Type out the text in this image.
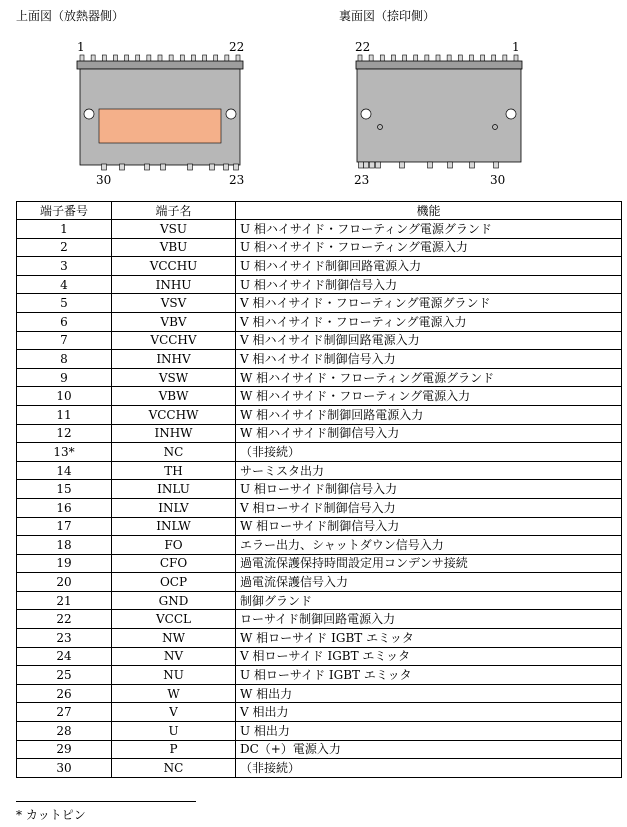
上面図（放熱器側）	裏面図（捺印側）
1	22
30	23
22	1
23	30
端子番号	端子名	機能
1	VSU	U 相ハイサイド・フローティング電源グランド
2	VBU	U 相ハイサイド・フローティング電源入力
3	VCCHU	U 相ハイサイド制御回路電源入力
4	INHU	U 相ハイサイド制御信号入力
5	VSV	V 相ハイサイド・フローティング電源グランド
6	VBV	V 相ハイサイド・フローティング電源入力
7	VCCHV	V 相ハイサイド制御回路電源入力
8	INHV	V 相ハイサイド制御信号入力
9	VSW	W 相ハイサイド・フローティング電源グランド
10	VBW	W 相ハイサイド・フローティング電源入力
11	VCCHW	W 相ハイサイド制御回路電源入力
12	INHW	W 相ハイサイド制御信号入力
13*	NC	（非接続）
14	TH	サーミスタ出力
15	INLU	U 相ローサイド制御信号入力
16	INLV	V 相ローサイド制御信号入力
17	INLW	W 相ローサイド制御信号入力
18	FO	エラー出力、シャットダウン信号入力
19	CFO	過電流保護保持時間設定用コンデンサ接続
20	OCP	過電流保護信号入力
21	GND	制御グランド
22	VCCL	ローサイド制御回路電源入力
23	NW	W 相ローサイド IGBT エミッタ
24	NV	V 相ローサイド IGBT エミッタ
25	NU	U 相ローサイド IGBT エミッタ
26	W	W 相出力
27	V	V 相出力
28	U	U 相出力
29	P	DC（+）電源入力
30	NC	（非接続）
* カットピン
